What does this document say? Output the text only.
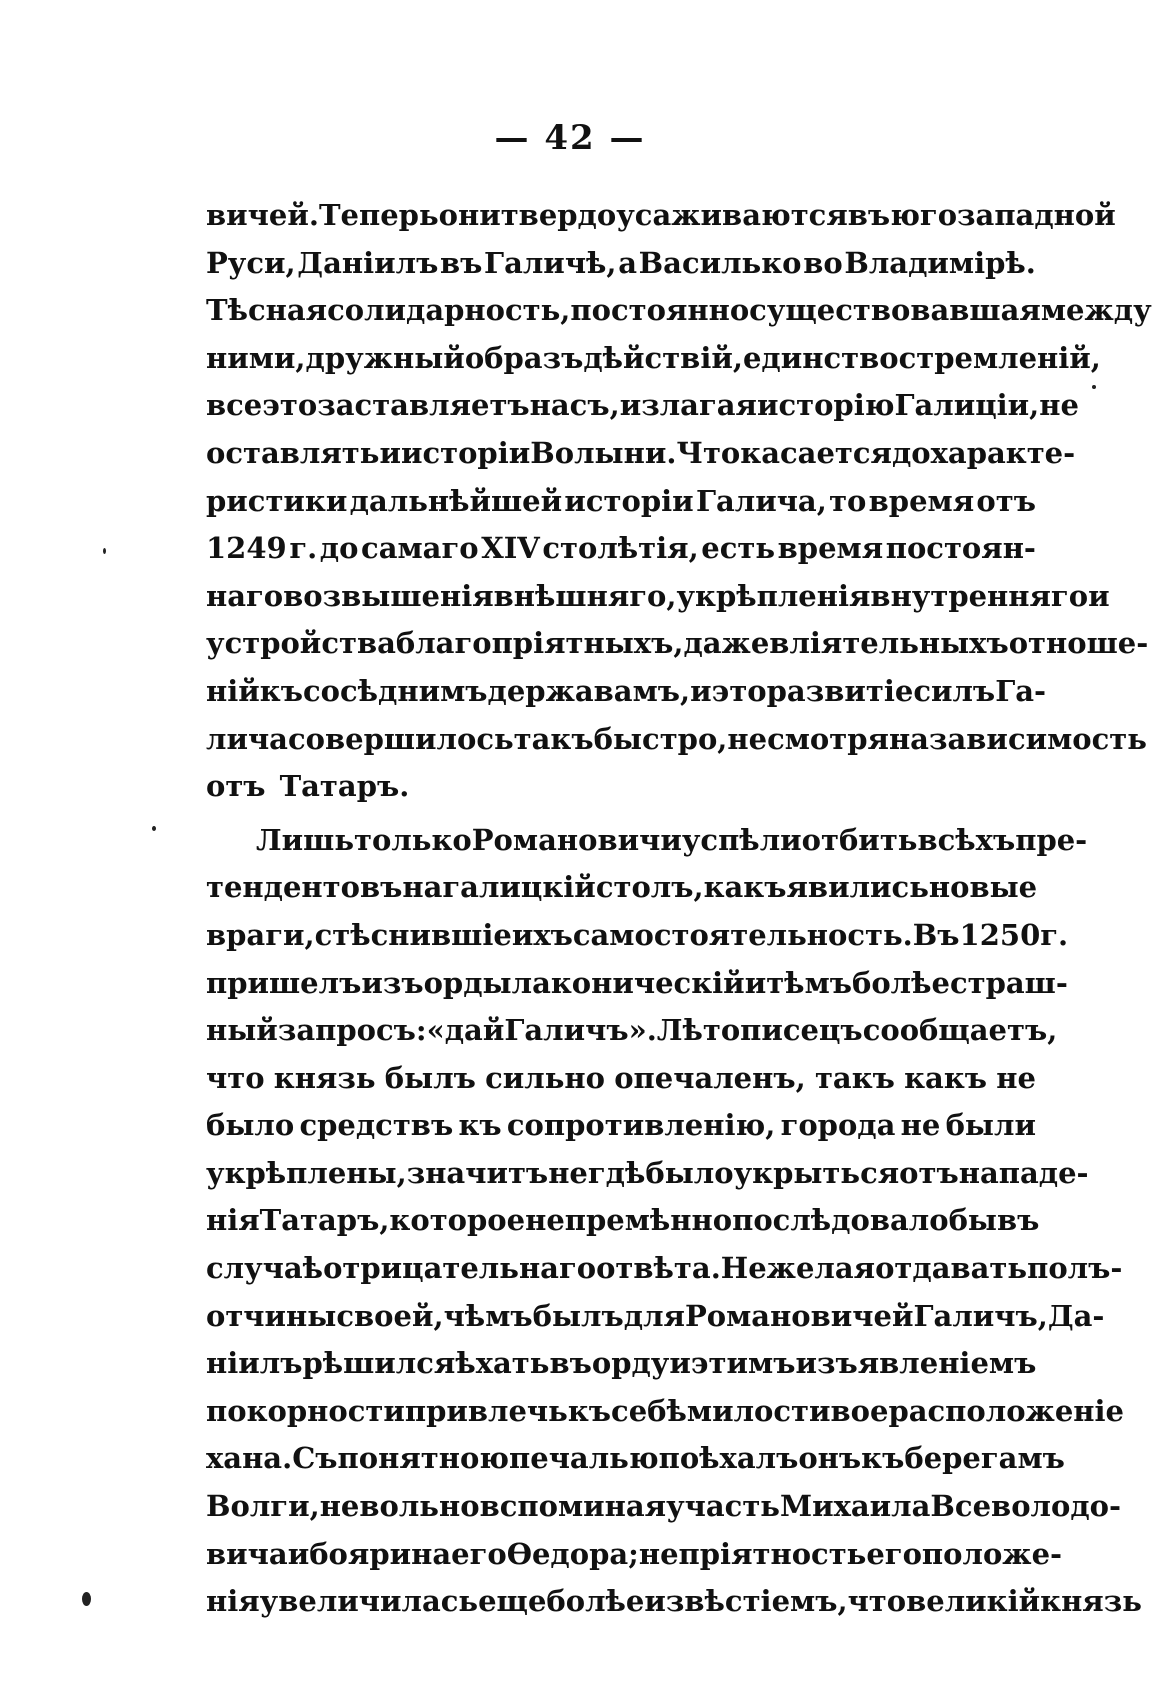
— 42 —
вичей. Теперь они твердо усаживаются въ югозападной
Руси, Даніилъ въ Галичѣ, а Василько во Владимірѣ.
Тѣсная солидарность, постоянно существовавшая между
ними, дружный образъ дѣйствій, единство стремленій,
все это заставляетъ насъ, излагая исторію Галиціи, не
оставлять и исторіи Волыни. Что касается до характе-
ристики дальнѣйшей исторіи Галича, то время отъ
1249 г. до самаго XIV столѣтія, есть время постоян-
наго возвышенія внѣшняго, укрѣпленія внутренняго и
устройства благопріятныхъ, даже вліятельныхъ отноше-
ній къ сосѣднимъ державамъ, и это развитіе силъ Га-
лича совершилось такъ быстро, не смотря на зависимость
отъ Татаръ.
Лишь только Романовичи успѣли отбить всѣхъ пре-
тендентовъ на галицкій столъ, какъ явились новые
враги, стѣснившіе ихъ самостоятельность. Въ 1250 г.
пришелъ изъ орды лаконическій и тѣмъ болѣе страш-
ный запросъ: «дай Галичъ». Лѣтописецъ сообщаетъ,
что князь былъ сильно опечаленъ, такъ какъ не
было средствъ къ сопротивленію, города не были
укрѣплены, значитъ негдѣ было укрыться отъ нападе-
нія Татаръ, которое непремѣнно послѣдовало бы въ
случаѣ отрицательнаго отвѣта. Не желая отдавать полъ-
отчины своей, чѣмъ былъ для Романовичей Галичъ, Да-
ніилъ рѣшился ѣхать въ орду и этимъ изъявленіемъ
покорности привлечь къ себѣ милостивое расположеніе
хана. Съ понятною печалью поѣхалъ онъ къ берегамъ
Волги, невольно вспоминая участь Михаила Всеволодо-
вича и боярина его Ѳедора; непріятность его положе-
нія увеличилась еще болѣе извѣстіемъ, что великій князь
